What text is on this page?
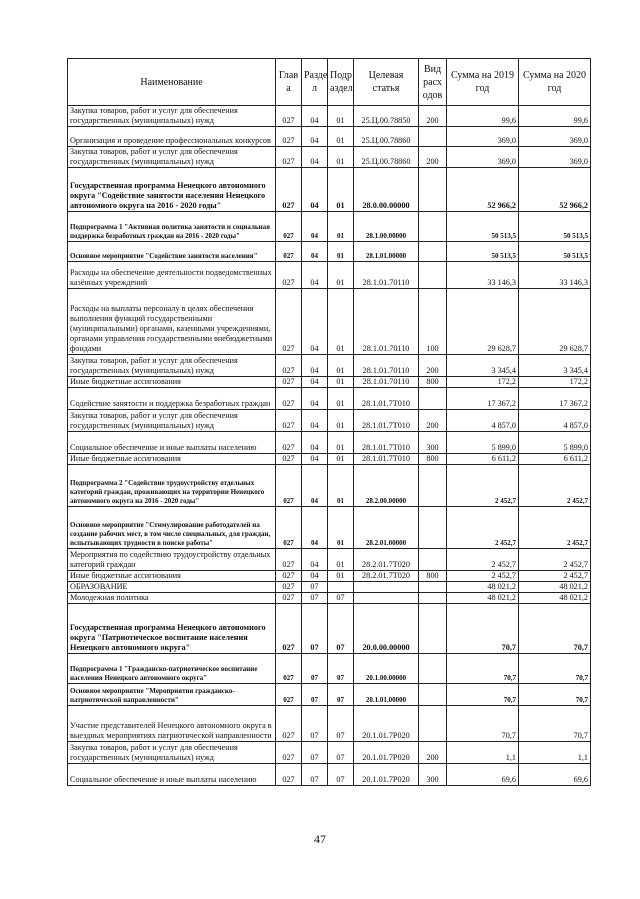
Наименование	Глав а	Разде л	Подр аздел	Целевая статья	Вид расх одов	Сумма на 2019 год	Сумма на 2020 год
Закупка товаров, работ и услуг для обеспечения государственных (муниципальных) нужд	027	04	01	25.Ц.00.78850	200	99,6	99,6
Организация и проведение профессиональных конкурсов	027	04	01	25.Ц.00.78860		369,0	369,0
Закупка товаров, работ и услуг для обеспечения государственных (муниципальных) нужд	027	04	01	25.Ц.00.78860	200	369,0	369,0
Государственная программа Ненецкого автономного округа "Содействие занятости населения Ненецкого автономного округа на 2016 - 2020 годы"	027	04	01	28.0.00.00000		52 966,2	52 966,2
Подпрограмма 1 "Активная политика занятости и социальная поддержка безработных граждан на 2016 - 2020 годы"	027	04	01	28.1.00.00000		50 513,5	50 513,5
Основное мероприятие "Содействие занятости населения"	027	04	01	28.1.01.00000		50 513,5	50 513,5
Расходы на обеспечение деятельности подведомственных казённых учреждений	027	04	01	28.1.01.70110		33 146,3	33 146,3
Расходы на выплаты персоналу в целях обеспечения выполнения функций государственными (муниципальными) органами, казенными учреждениями, органами управления государственными внебюджетными фондами	027	04	01	28.1.01.70110	100	29 628,7	29 628,7
Закупка товаров, работ и услуг для обеспечения государственных (муниципальных) нужд	027	04	01	28.1.01.70110	200	3 345,4	3 345,4
Иные бюджетные ассигнования	027	04	01	28.1.01.70110	800	172,2	172,2
Содействие занятости и поддержка безработных граждан	027	04	01	28.1.01.7Т010		17 367,2	17 367,2
Закупка товаров, работ и услуг для обеспечения государственных (муниципальных) нужд	027	04	01	28.1.01.7Т010	200	4 857,0	4 857,0
Социальное обеспечение и иные выплаты населению	027	04	01	28.1.01.7Т010	300	5 899,0	5 899,0
Иные бюджетные ассигнования	027	04	01	28.1.01.7Т010	800	6 611,2	6 611,2
Подпрограмма 2 "Содействие трудоустройству отдельных категорий граждан, проживающих на территории Ненецкого автономного округа на 2016 - 2020 годы"	027	04	01	28.2.00.00000		2 452,7	2 452,7
Основное мероприятие "Стимулирование работодателей на создание рабочих мест, в том числе специальных, для граждан, испытывающих трудности в поиске работы"	027	04	01	28.2.01.00000		2 452,7	2 452,7
Мероприятия по содействию трудоустройству отдельных категорий граждан	027	04	01	28.2.01.7Т020		2 452,7	2 452,7
Иные бюджетные ассигнования	027	04	01	28.2.01.7Т020	800	2 452,7	2 452,7
ОБРАЗОВАНИЕ	027	07				48 021,2	48 021,2
Молодежная политика	027	07	07			48 021,2	48 021,2
Государственная программа Ненецкого автономного округа "Патриотическое воспитание населения Ненецкого автономного округа"	027	07	07	20.0.00.00000		70,7	70,7
Подпрограмма 1 "Гражданско-патриотическое воспитание населения Ненецкого автономного округа"	027	07	07	20.1.00.00000		70,7	70,7
Основное мероприятие "Мероприятия гражданско-патриотической направленности"	027	07	07	20.1.01.00000		70,7	70,7
Участие представителей Ненецкого автономного округа в выездных мероприятиях патриотической направленности	027	07	07	20.1.01.7Р020		70,7	70,7
Закупка товаров, работ и услуг для обеспечения государственных (муниципальных) нужд	027	07	07	20.1.01.7Р020	200	1,1	1,1
Социальное обеспечение и иные выплаты населению	027	07	07	20.1.01.7Р020	300	69,6	69,6
47
